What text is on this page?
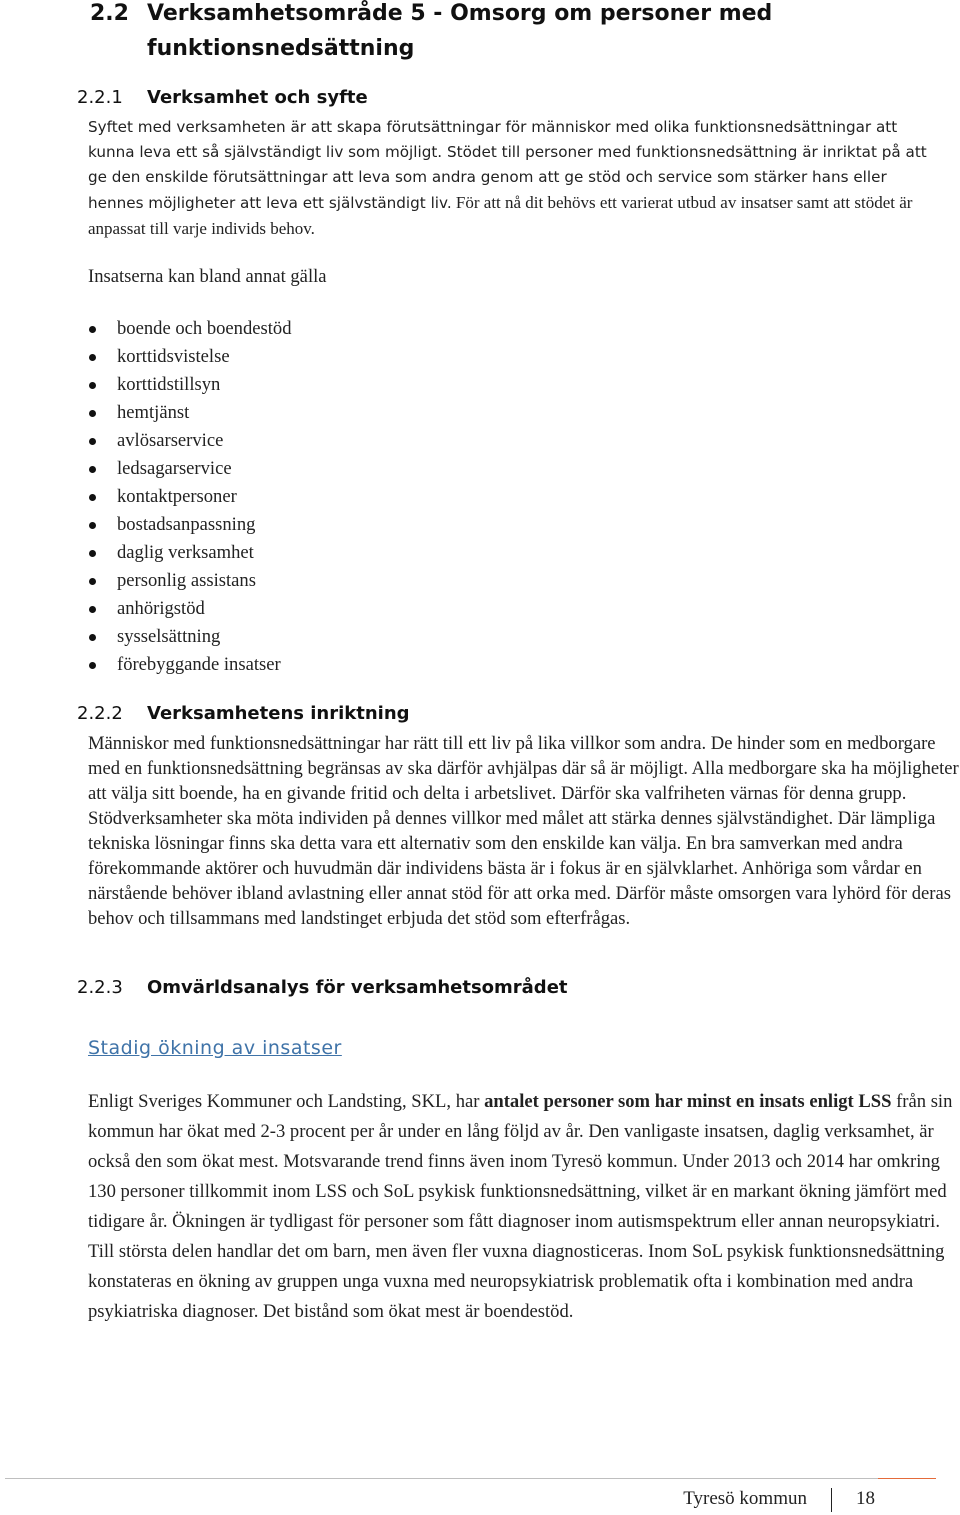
2.2 Verksamhetsområde 5 - Omsorg om personer med funktionsnedsättning
2.2.1 Verksamhet och syfte

Syftet med verksamheten är att skapa förutsättningar för människor med olika funktionsnedsättningar att kunna leva ett så självständigt liv som möjligt. Stödet till personer med funktionsnedsättning är inriktat på att ge den enskilde förutsättningar att leva som andra genom att ge stöd och service som stärker hans eller hennes möjligheter att leva ett självständigt liv. För att nå dit behövs ett varierat utbud av insatser samt att stödet är anpassat till varje individs behov.

Insatserna kan bland annat gälla

boende och boendestöd
korttidsvistelse
korttidstillsyn
hemtjänst
avlösarservice
ledsagarservice
kontaktpersoner
bostadsanpassning
daglig verksamhet
personlig assistans
anhörigstöd
sysselsättning
förebyggande insatser
2.2.2 Verksamhetens inriktning

Människor med funktionsnedsättningar har rätt till ett liv på lika villkor som andra. De hinder som en medborgare med en funktionsnedsättning begränsas av ska därför avhjälpas där så är möjligt. Alla medborgare ska ha möjligheter att välja sitt boende, ha en givande fritid och delta i arbetslivet. Därför ska valfriheten värnas för denna grupp. Stödverksamheter ska möta individen på dennes villkor med målet att stärka dennes självständighet. Där lämpliga tekniska lösningar finns ska detta vara ett alternativ som den enskilde kan välja. En bra samverkan med andra förekommande aktörer och huvudmän där individens bästa är i fokus är en självklarhet. Anhöriga som vårdar en närstående behöver ibland avlastning eller annat stöd för att orka med. Därför måste omsorgen vara lyhörd för deras behov och tillsammans med landstinget erbjuda det stöd som efterfrågas.

2.2.3 Omvärldsanalys för verksamhetsområdet
Stadig ökning av insatser

Enligt Sveriges Kommuner och Landsting, SKL, har antalet personer som har minst en insats enligt LSS från sin kommun har ökat med 2-3 procent per år under en lång följd av år. Den vanligaste insatsen, daglig verksamhet, är också den som ökat mest. Motsvarande trend finns även inom Tyresö kommun. Under 2013 och 2014 har omkring 130 personer tillkommit inom LSS och SoL psykisk funktionsnedsättning, vilket är en markant ökning jämfört med tidigare år. Ökningen är tydligast för personer som fått diagnoser inom autismspektrum eller annan neuropsykiatri. Till största delen handlar det om barn, men även fler vuxna diagnosticeras. Inom SoL psykisk funktionsnedsättning konstateras en ökning av gruppen unga vuxna med neuropsykiatrisk problematik ofta i kombination med andra psykiatriska diagnoser. Det bistånd som ökat mest är boendestöd.

Tyresö kommun	18
